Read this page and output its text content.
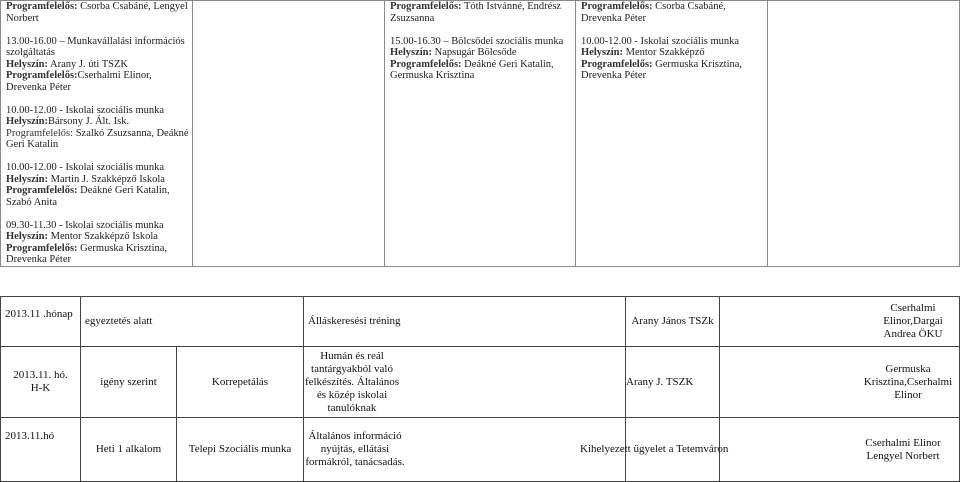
Programfelelős: Csorba Csabáné, Lengyel Norbert
13.00-16.00 – Munkavállalási információs szolgáltatás
Helyszín: Arany J. úti TSZK
Programfelelős:Cserhalmi Elinor, Drevenka Péter
10.00-12.00 - Iskolai szociális munka
Helyszín:Bársony J. Ált. Isk.
Programfelelős: Szalkó Zsuzsanna, Deákné Geri Katalin
10.00-12.00 - Iskolai szociális munka
Helyszín: Martin J. Szakképző Iskola
Programfelelős: Deákné Geri Katalin, Szabó Anita
09.30-11.30 - Iskolai szociális munka
Helyszín: Mentor Szakképző Iskola
Programfelelős: Germuska Krisztina, Drevenka Péter

Programfelelős: Tóth Istvánné, Endrész Zsuzsanna
15.00-16.30 – Bölcsődei szociális munka
Helyszín: Napsugár Bölcsőde
Programfelelős: Deákné Geri Katalin, Germuska Krisztina

Programfelelős: Csorba Csabáné, Drevenka Péter
10.00-12.00 - Iskolai szociális munka
Helyszín: Mentor Szakképző
Programfelelős: Germuska Krisztina, Drevenka Péter

2013.11 .hónap	egyeztetés alatt		Álláskeresési tréning	Arany János TSZk	Cserhalmi Elinor,Dargai Andrea ÖKU

2013.11. hó. H-K	igény szerint	Korrepetálás	Humán és reál tantárgyakból való felkészítés. Általános és közép iskolai tanulóknak	Arany J. TSZK	Germuska Krisztina,Cserhalmi Elinor

2013.11.hó	Heti 1 alkalom	Telepi Szociális munka	Általános információ nyújtás, ellátási formákról, tanácsadás.	Kihelyezett ügyelet a Tetemváron	Cserhalmi Elinor Lengyel Norbert
